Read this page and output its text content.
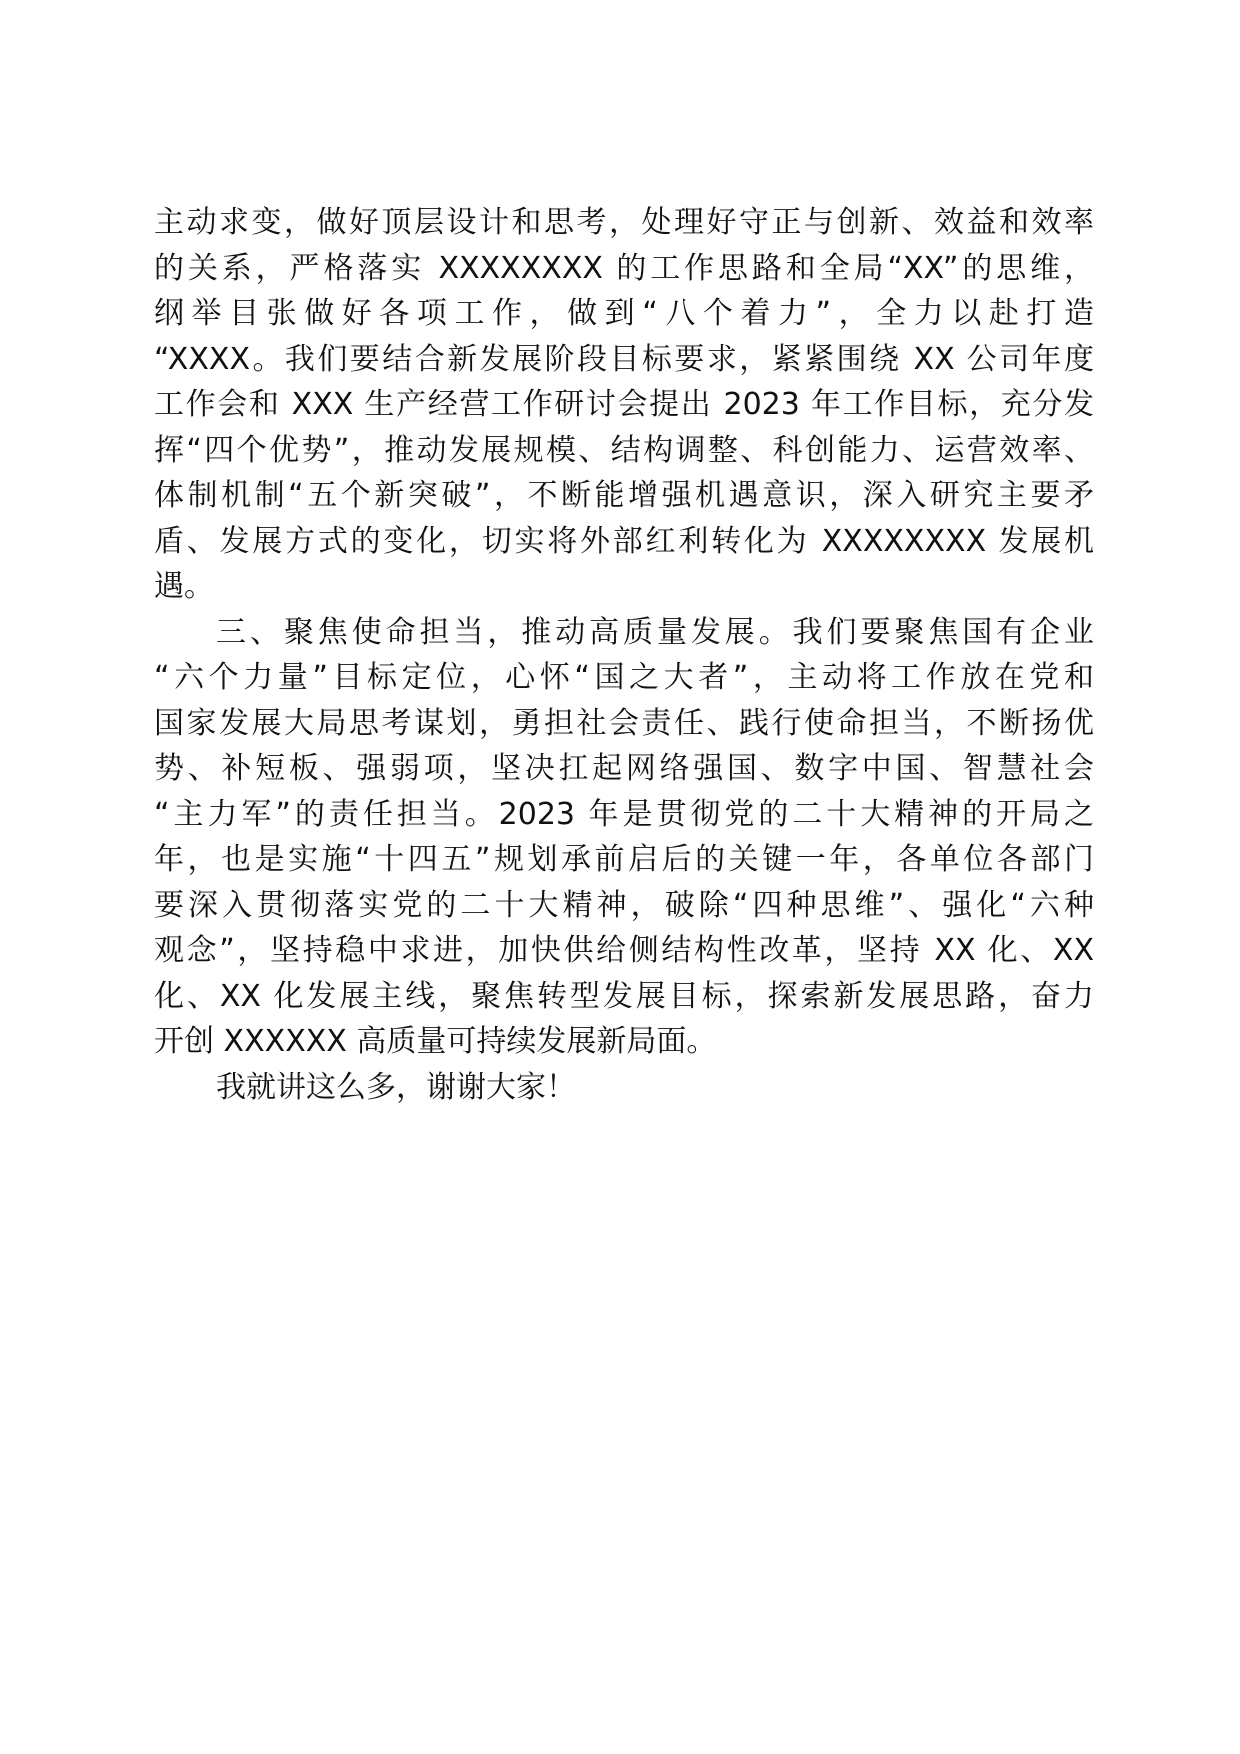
主动求变，做好顶层设计和思考，处理好守正与创新、效益和效率
的关系，严格落实 XXXXXXXX 的工作思路和全局“XX”的思维，
纲举目张做好各项工作，做到“八个着力”，全力以赴打造
“XXXX。我们要结合新发展阶段目标要求，紧紧围绕 XX 公司年度
工作会和 XXX 生产经营工作研讨会提出 2023 年工作目标，充分发
挥“四个优势”，推动发展规模、结构调整、科创能力、运营效率、
体制机制“五个新突破”，不断能增强机遇意识，深入研究主要矛
盾、发展方式的变化，切实将外部红利转化为 XXXXXXXX 发展机
遇。
三、聚焦使命担当，推动高质量发展。我们要聚焦国有企业
“六个力量”目标定位，心怀“国之大者”，主动将工作放在党和
国家发展大局思考谋划，勇担社会责任、践行使命担当，不断扬优
势、补短板、强弱项，坚决扛起网络强国、数字中国、智慧社会
“主力军”的责任担当。2023 年是贯彻党的二十大精神的开局之
年，也是实施“十四五”规划承前启后的关键一年，各单位各部门
要深入贯彻落实党的二十大精神，破除“四种思维”、强化“六种
观念”，坚持稳中求进，加快供给侧结构性改革，坚持 XX 化、XX
化、XX 化发展主线，聚焦转型发展目标，探索新发展思路，奋力
开创 XXXXXX 高质量可持续发展新局面。
我就讲这么多，谢谢大家！
